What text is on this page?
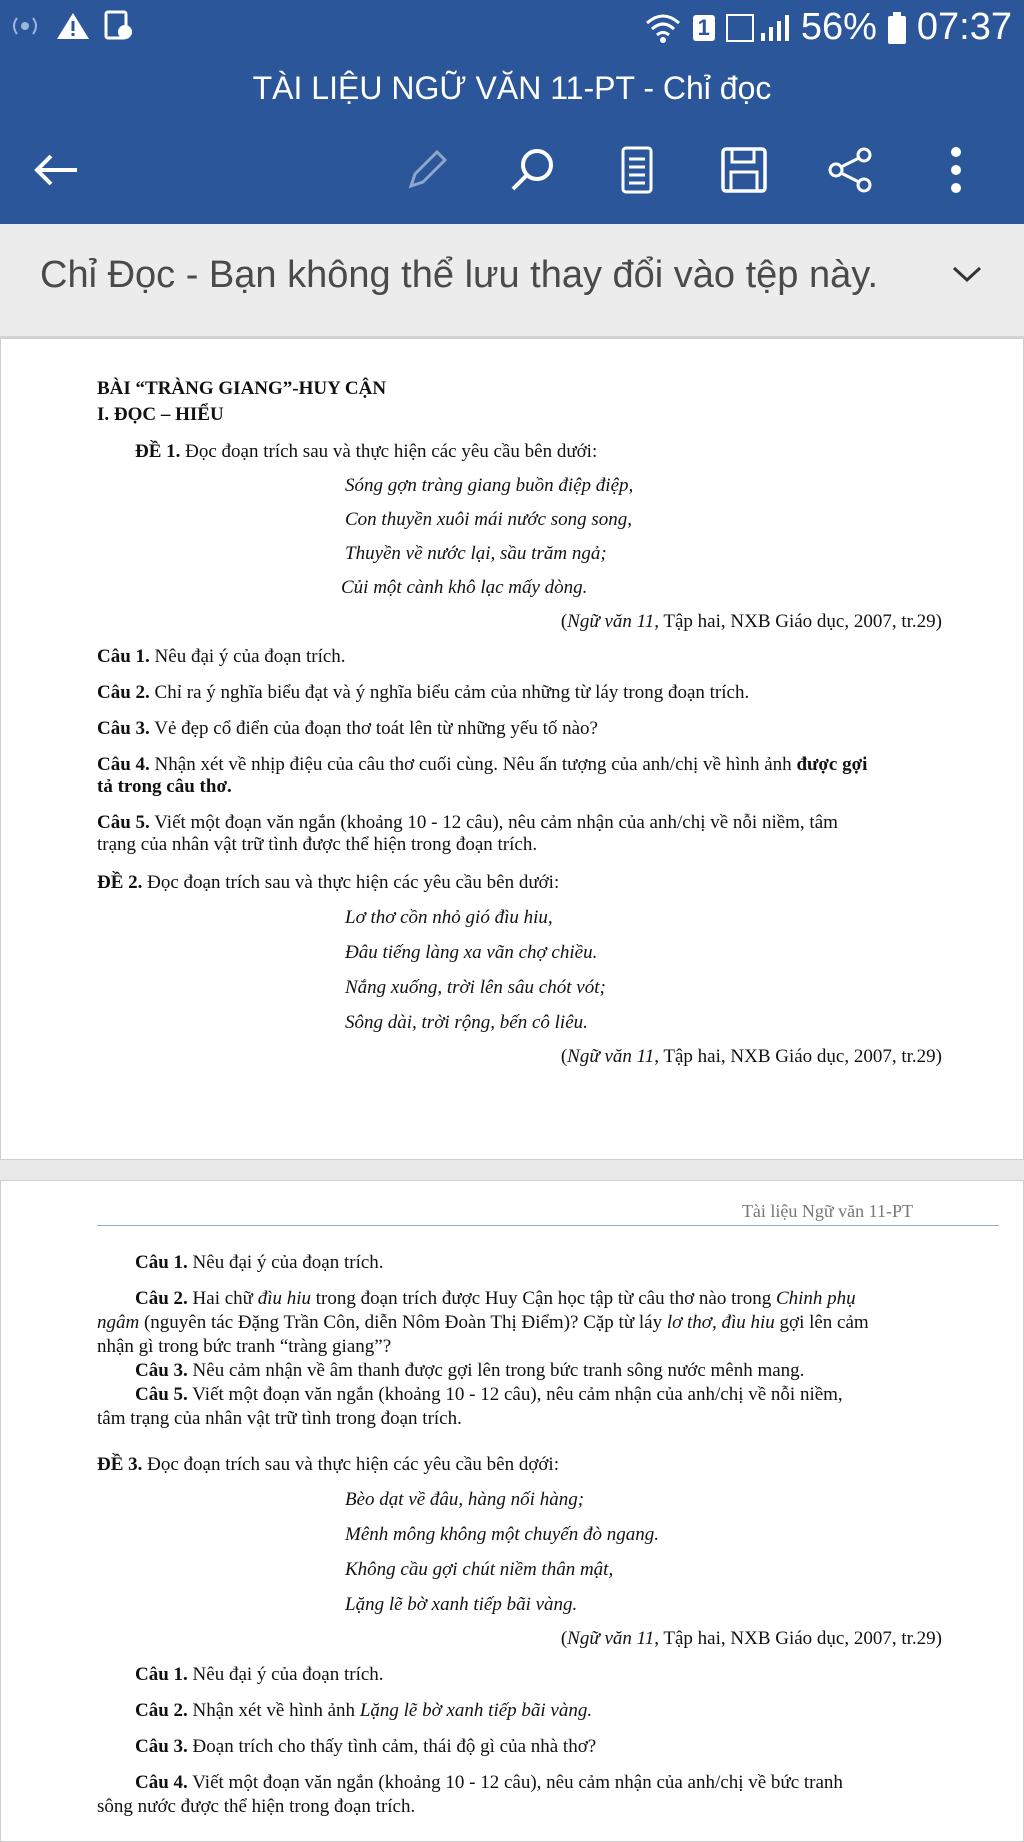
1 56% 07:37
TÀI LIỆU NGỮ VĂN 11-PT - Chỉ đọc
Chỉ Đọc - Bạn không thể lưu thay đổi vào tệp này.
BÀI “TRÀNG GIANG”-HUY CẬN
I. ĐỌC – HIỂU
ĐỀ 1. Đọc đoạn trích sau và thực hiện các yêu cầu bên dưới:
Sóng gợn tràng giang buồn điệp điệp,
Con thuyền xuôi mái nước song song,
Thuyền về nước lại, sầu trăm ngả;
Củi một cành khô lạc mấy dòng.
(Ngữ văn 11, Tập hai, NXB Giáo dục, 2007, tr.29)
Câu 1. Nêu đại ý của đoạn trích.
Câu 2. Chỉ ra ý nghĩa biểu đạt và ý nghĩa biểu cảm của những từ láy trong đoạn trích.
Câu 3. Vẻ đẹp cổ điển của đoạn thơ toát lên từ những yếu tố nào?
Câu 4. Nhận xét về nhịp điệu của câu thơ cuối cùng. Nêu ấn tượng của anh/chị về hình ảnh được gợi
tả trong câu thơ.
Câu 5. Viết một đoạn văn ngắn (khoảng 10 - 12 câu), nêu cảm nhận của anh/chị về nỗi niềm, tâm
trạng của nhân vật trữ tình được thể hiện trong đoạn trích.
ĐỀ 2. Đọc đoạn trích sau và thực hiện các yêu cầu bên dưới:
Lơ thơ cồn nhỏ gió đìu hiu,
Đâu tiếng làng xa vãn chợ chiều.
Nắng xuống, trời lên sâu chót vót;
Sông dài, trời rộng, bến cô liêu.
(Ngữ văn 11, Tập hai, NXB Giáo dục, 2007, tr.29)
Tài liệu Ngữ văn 11-PT
Câu 1. Nêu đại ý của đoạn trích.
Câu 2. Hai chữ đìu hiu trong đoạn trích được Huy Cận học tập từ câu thơ nào trong Chinh phụ
ngâm (nguyên tác Đặng Trần Côn, diễn Nôm Đoàn Thị Điểm)? Cặp từ láy lơ thơ, đìu hiu gợi lên cảm
nhận gì trong bức tranh “tràng giang”?
Câu 3. Nêu cảm nhận về âm thanh được gợi lên trong bức tranh sông nước mênh mang.
Câu 5. Viết một đoạn văn ngắn (khoảng 10 - 12 câu), nêu cảm nhận của anh/chị về nỗi niềm,
tâm trạng của nhân vật trữ tình trong đoạn trích.
ĐỀ 3. Đọc đoạn trích sau và thực hiện các yêu cầu bên dợới:
Bèo dạt về đâu, hàng nối hàng;
Mênh mông không một chuyến đò ngang.
Không cầu gợi chút niềm thân mật,
Lặng lẽ bờ xanh tiếp bãi vàng.
(Ngữ văn 11, Tập hai, NXB Giáo dục, 2007, tr.29)
Câu 1. Nêu đại ý của đoạn trích.
Câu 2. Nhận xét về hình ảnh Lặng lẽ bờ xanh tiếp bãi vàng.
Câu 3. Đoạn trích cho thấy tình cảm, thái độ gì của nhà thơ?
Câu 4. Viết một đoạn văn ngắn (khoảng 10 - 12 câu), nêu cảm nhận của anh/chị về bức tranh
sông nước được thể hiện trong đoạn trích.
